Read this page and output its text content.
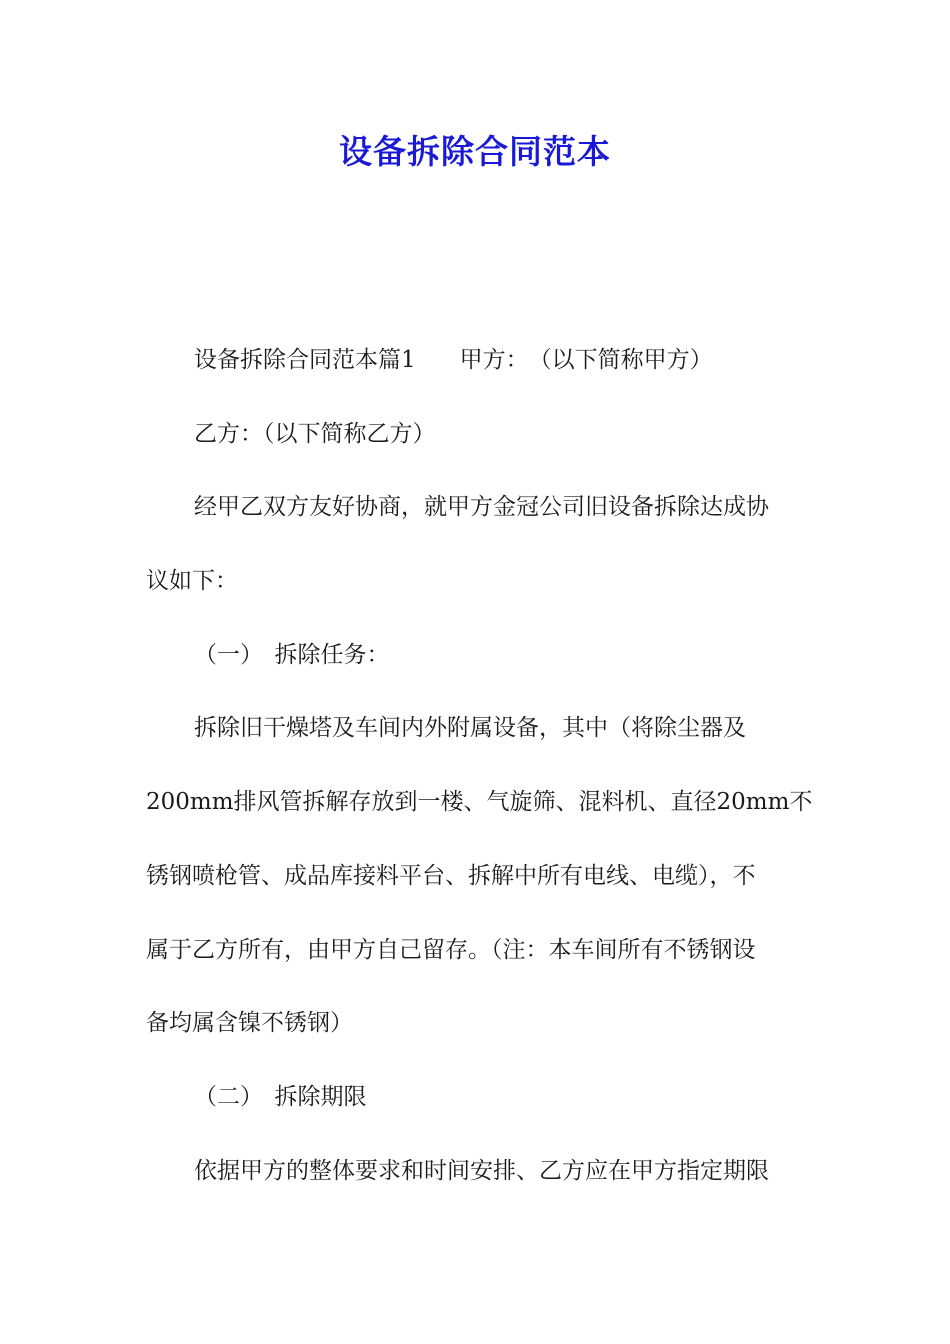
设备拆除合同范本
设备拆除合同范本篇1 甲方：　（以下简称甲方）
乙方：（以下简称乙方）
经甲乙双方友好协商，就甲方金冠公司旧设备拆除达成协
议如下：
（一）　拆除任务：
拆除旧干燥塔及车间内外附属设备，其中（将除尘器及
200mm排风管拆解存放到一楼、气旋筛、混料机、直径20mm不
锈钢喷枪管、成品库接料平台、拆解中所有电线、电缆），不
属于乙方所有，由甲方自己留存。（注：本车间所有不锈钢设
备均属含镍不锈钢）
（二）　拆除期限
依据甲方的整体要求和时间安排、乙方应在甲方指定期限
